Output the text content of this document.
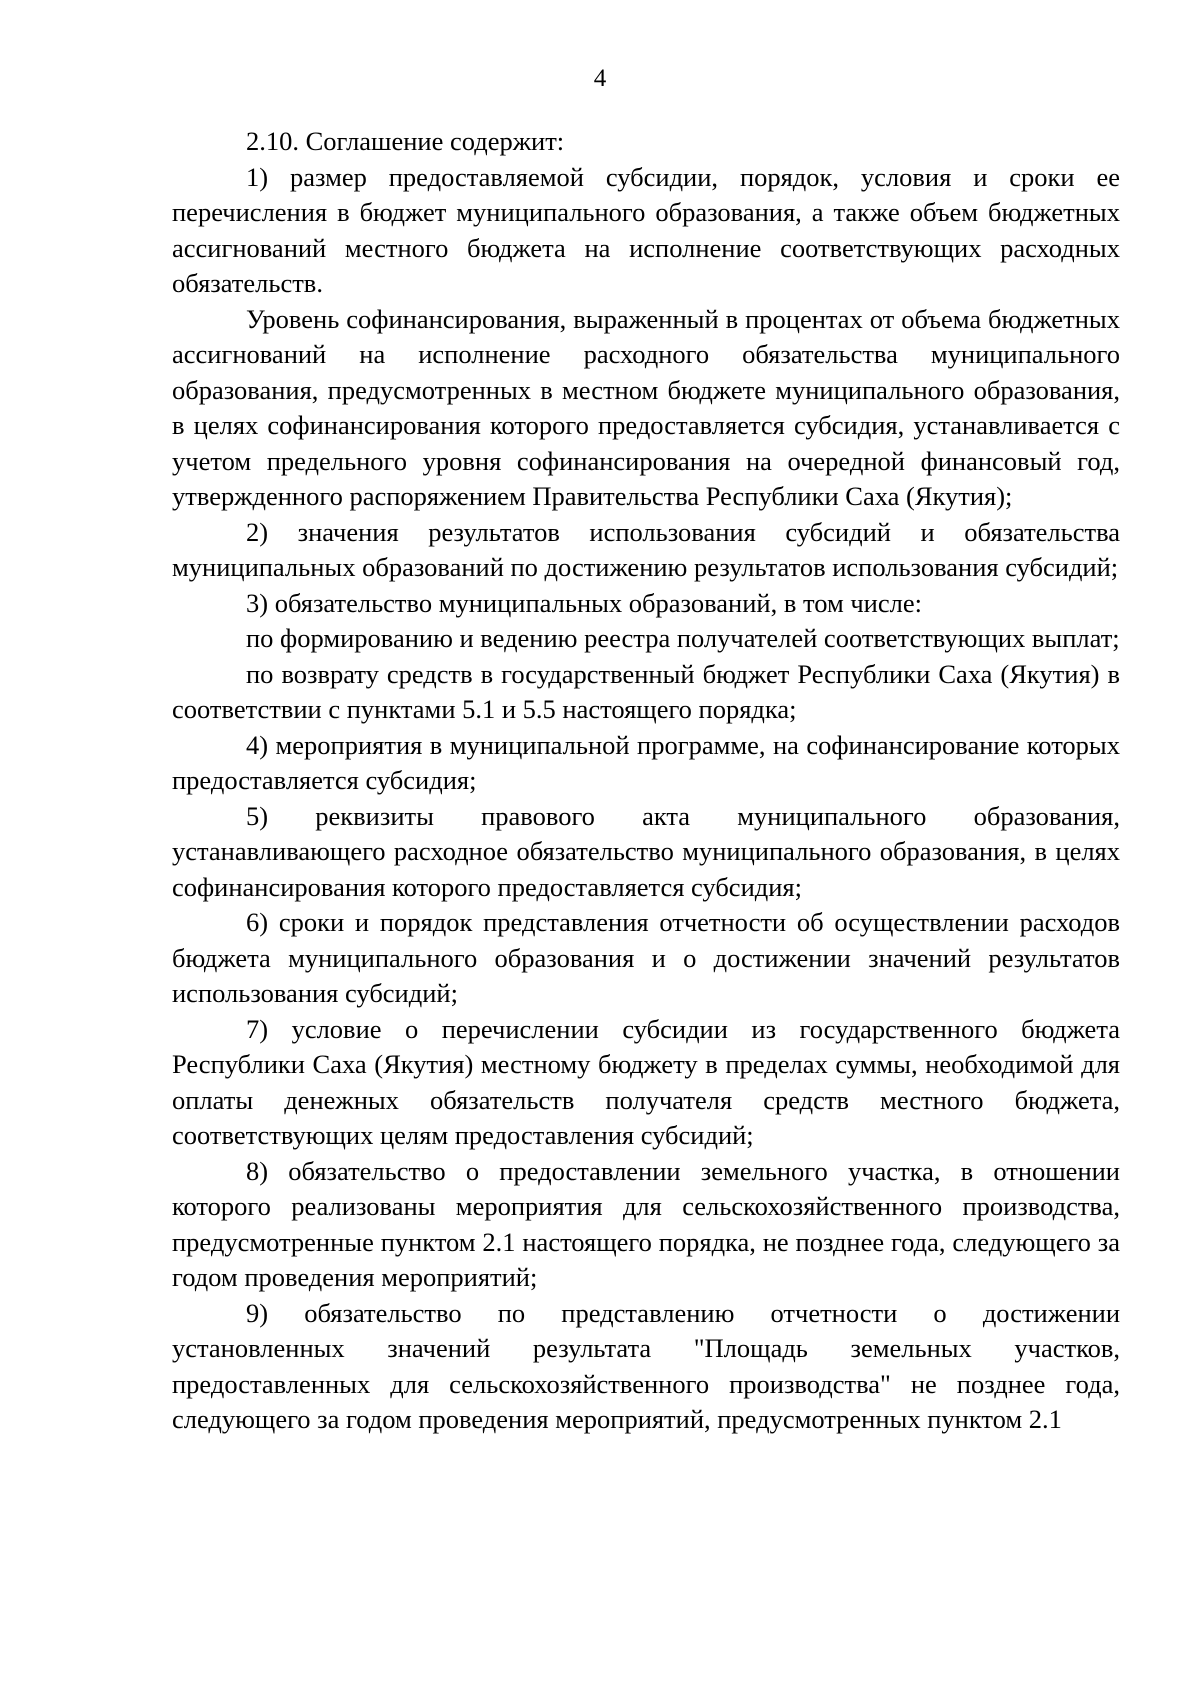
4

2.10. Соглашение содержит:

1) размер предоставляемой субсидии, порядок, условия и сроки ее перечисления в бюджет муниципального образования, а также объем бюджетных ассигнований местного бюджета на исполнение соответствующих расходных обязательств.

Уровень софинансирования, выраженный в процентах от объема бюджетных ассигнований на исполнение расходного обязательства муниципального образования, предусмотренных в местном бюджете муниципального образования, в целях софинансирования которого предоставляется субсидия, устанавливается с учетом предельного уровня софинансирования на очередной финансовый год, утвержденного распоряжением Правительства Республики Саха (Якутия);

2) значения результатов использования субсидий и обязательства муниципальных образований по достижению результатов использования субсидий;

3) обязательство муниципальных образований, в том числе:

по формированию и ведению реестра получателей соответствующих выплат;

по возврату средств в государственный бюджет Республики Саха (Якутия) в соответствии с пунктами 5.1 и 5.5 настоящего порядка;

4) мероприятия в муниципальной программе, на софинансирование которых предоставляется субсидия;

5) реквизиты правового акта муниципального образования, устанавливающего расходное обязательство муниципального образования, в целях софинансирования которого предоставляется субсидия;

6) сроки и порядок представления отчетности об осуществлении расходов бюджета муниципального образования и о достижении значений результатов использования субсидий;

7) условие о перечислении субсидии из государственного бюджета Республики Саха (Якутия) местному бюджету в пределах суммы, необходимой для оплаты денежных обязательств получателя средств местного бюджета, соответствующих целям предоставления субсидий;

8) обязательство о предоставлении земельного участка, в отношении которого реализованы мероприятия для сельскохозяйственного производства, предусмотренные пунктом 2.1 настоящего порядка, не позднее года, следующего за годом проведения мероприятий;

9) обязательство по представлению отчетности о достижении установленных значений результата "Площадь земельных участков, предоставленных для сельскохозяйственного производства" не позднее года, следующего за годом проведения мероприятий, предусмотренных пунктом 2.1
